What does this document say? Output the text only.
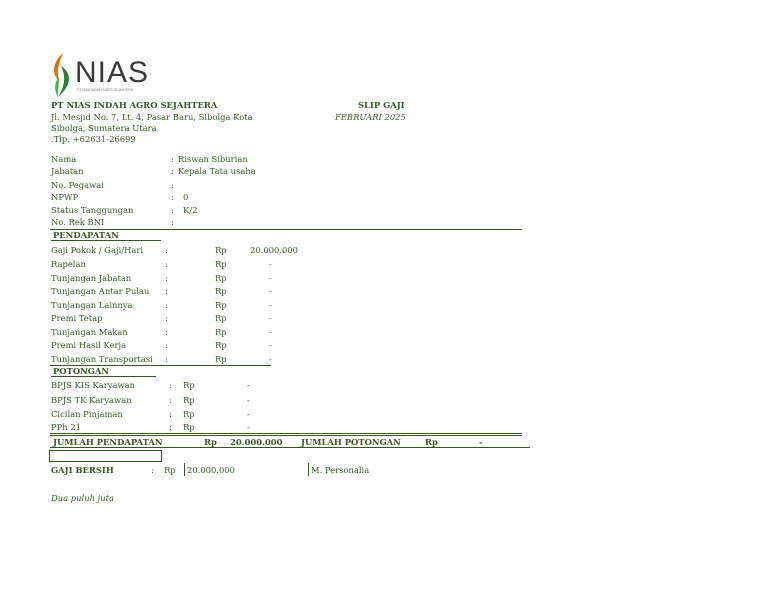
NIAS
PT NIAS INDAH AGRO SEJAHTERA
PT NIAS INDAH AGRO SEJAHTERA
Jl. Mesjid No. 7, Lt. 4, Pasar Baru, Sibolga Kota
Sibolga, Sumatera Utara
.Tlp. +62631-26699
SLIP GAJI
FEBRUARI 2025
Nama	: Riswan Siburian
Jabatan	: Kepala Tata usaha
No. Pegawai	:
NPWP	: 0
Status Tanggungan	: K/2
No. Rek BNI	:
PENDAPATAN
Gaji Pokok / Gaji/Hari	:	Rp	20.000.000
Rapelan	:	Rp	-
Tunjangan Jabatan	:	Rp	-
Tunjangan Antar Pulau :	Rp	-
Tunjangan Lainnya	:	Rp	-
Premi Tetap	:	Rp	-
Tunjangan Makan	:	Rp	-
Premi Hasil Kerja	:	Rp	-
Tunjangan Transportasi :	Rp	-
POTONGAN
BPJS KIS Karyawan	: Rp	-
BPJS TK Karyawan	: Rp	-
Cicilan Pinjaman	: Rp	-
PPh 21	: Rp	-
JUMLAH PENDAPATAN	Rp 20.000.000 JUMLAH POTONGAN	Rp	-
GAJI BERSIH	: Rp 20.000.000	M. Personalia
Dua puluh juta
